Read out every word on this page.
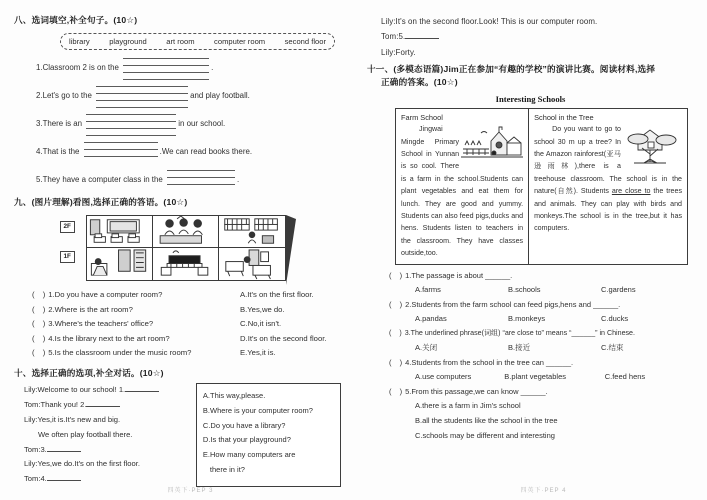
八、选词填空,补全句子。(10☆)
library	playground	art room	computer room	second floor
1.Classroom 2 is on the	.
2.Let's go to the	and play football.
3.There is an	in our school.
4.That is the	.We can read books there.
5.They have a computer class in the	.
九、(图片理解)看图,选择正确的答语。(10☆)
2F
1F
( )1.Do you have a computer room?	A.It's on the first floor.
( )2.Where is the art room?	B.Yes,we do.
( )3.Where's the teachers' office?	C.No,it isn't.
( )4.Is the library next to the art room?	D.It's on the second floor.
( )5.Is the classroom under the music room?	E.Yes,it is.
十、选择正确的选项,补全对话。(10☆)

Lily:Welcome to our school! 1.

Tom:Thank you! 2.

Lily:Yes,it is.It's new and big.

We often play football there.

Tom:3.

Lily:Yes,we do.It's on the first floor.

Tom:4.

A.This way,please.

B.Where is your computer room?

C.Do you have a library?

D.Is that your playground?

E.How many computers are

there in it?

四英下·PEP 3

Lily:It's on the second floor.Look! This is our computer room.

Tom:5.

Lily:Forty.

十一、(多模态语篇)Jim正在参加“有趣的学校”的演讲比赛。阅读材料,选择
正确的答案。(10☆)
Interesting Schools
Farm School

Jingwai Mingde Primary School in Yunnan is so cool. There is a farm in the school.Students can plant vegetables and eat them for lunch. They are good and yummy. Students can also feed pigs,ducks and hens. Students listen to teachers in the classroom. They have classes outside,too.

School in the Tree

Do you want to go to school 30 m up a tree? In the Amazon rainforest(亚马逊雨林),there is a treehouse classroom. The school is in the nature(自然). Students are close to the trees and animals. They can play with birds and monkeys.The school is in the tree,but it has computers.

( )1.The passage is about ______.
A.farms	B.schools	C.gardens
( )2.Students from the farm school can feed pigs,hens and ______.
A.pandas	B.monkeys	C.ducks
( )3.The underlined phrase(词组) “are close to” means “______” in Chinese.
A.关闭	B.接近	C.结束
( )4.Students from the school in the tree can ______.
A.use computers	B.plant vegetables	C.feed hens
( )5.From this passage,we can know ______.
A.there is a farm in Jim's school
B.all the students like the school in the tree
C.schools may be different and interesting
四英下·PEP 4
